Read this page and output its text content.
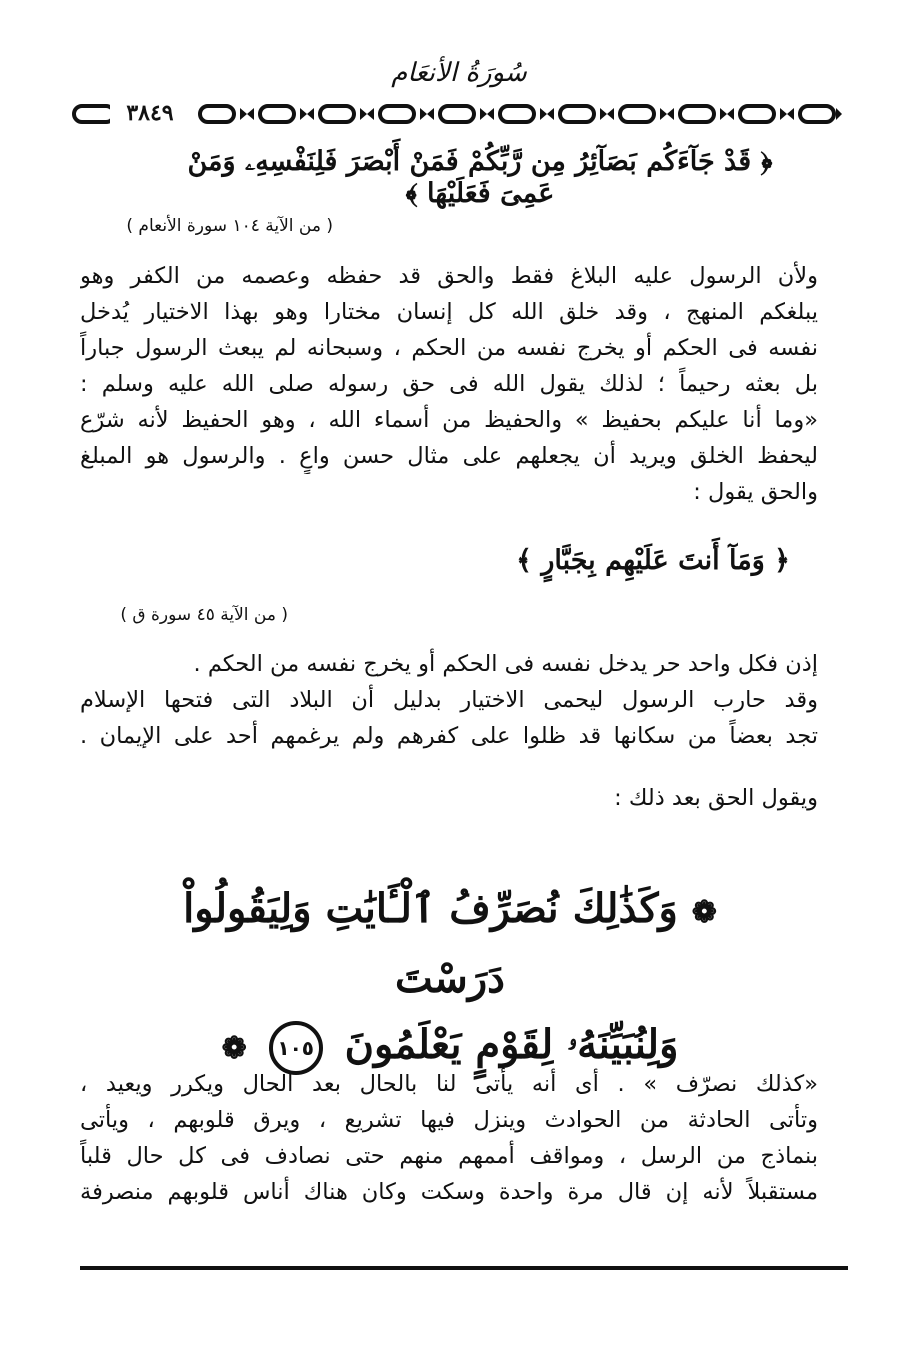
سُورَةُ الأنعَام
٣٨٤٩
﴿ قَدْ جَآءَكُم بَصَآئِرُ مِن رَّبِّكُمْ فَمَنْ أَبْصَرَ فَلِنَفْسِهِۦ وَمَنْ عَمِىَ فَعَلَيْهَا ﴾
( من الآية ١٠٤ سورة الأنعام )
ولأن الرسول عليه البلاغ فقط والحق قد حفظه وعصمه من الكفر وهو
يبلغكم المنهج ، وقد خلق الله كل إنسان مختارا وهو بهذا الاختيار يُدخل
نفسه فى الحكم أو يخرج نفسه من الحكم ، وسبحانه لم يبعث الرسول جباراً
بل بعثه رحيماً ؛ لذلك يقول الله فى حق رسوله صلى الله عليه وسلم :
«وما أنا عليكم بحفيظ » والحفيظ من أسماء الله ، وهو الحفيظ لأنه شرّع
ليحفظ الخلق ويريد أن يجعلهم على مثال حسن واعٍ . والرسول هو المبلغ
والحق يقول :
﴿ وَمَآ أَنتَ عَلَيْهِم بِجَبَّارٍ ﴾
( من الآية ٤٥ سورة ق )
إذن فكل واحد حر يدخل نفسه فى الحكم أو يخرج نفسه من الحكم .
وقد حارب الرسول ليحمى الاختيار بدليل أن البلاد التى فتحها الإسلام
تجد بعضاً من سكانها قد ظلوا على كفرهم ولم يرغمهم أحد على الإيمان .
ويقول الحق بعد ذلك :
❁ وَكَذَٰلِكَ نُصَرِّفُ ٱلْـَٔايَٰتِ وَلِيَقُولُواْ دَرَسْتَ
وَلِنُبَيِّنَهُۥ لِقَوْمٍ يَعْلَمُونَ ١٠٥ ❁
«كذلك نصرّف » . أى أنه يأتى لنا بالحال بعد الحال ويكرر ويعيد ،
وتأتى الحادثة من الحوادث وينزل فيها تشريع ، ويرق قلوبهم ، ويأتى
بنماذج من الرسل ، ومواقف أممهم منهم حتى نصادف فى كل حال قلباً
مستقبلاً لأنه إن قال مرة واحدة وسكت وكان هناك أناس قلوبهم منصرفة
